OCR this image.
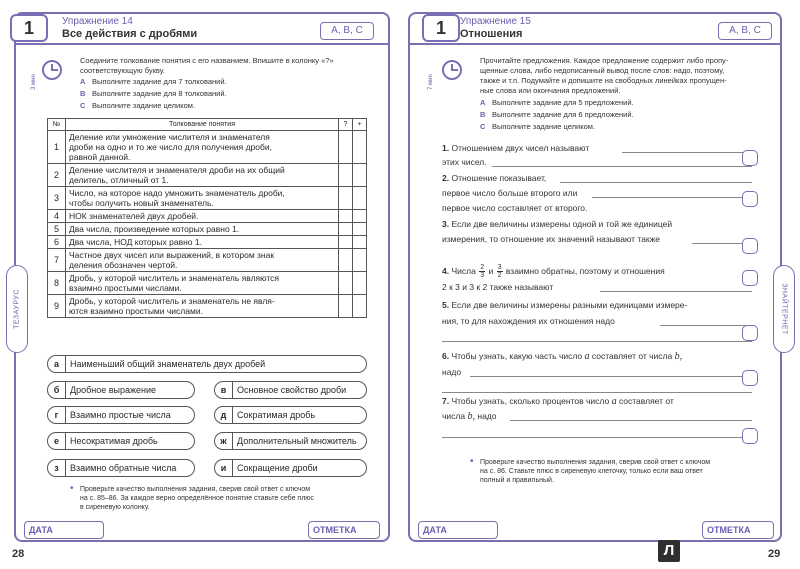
1	Упражнение 14
Все действия с дробями	А, В, С
3 мин
Соедините толкование понятия с его названием. Впишите в колонку «?»
соответствующую букву.
A Выполните задание для 7 толкований.
B Выполните задание для 8 толкований.
C Выполните задание целиком.
№	Толкование понятия	?	+
1	Деление или умножение числителя и знаменателя
дроби на одно и то же число для получения дроби,
равной данной.		

2	Деление числителя и знаменателя дроби на их общий
делитель, отличный от 1.		

3	Число, на которое надо умножить знаменатель дроби,
чтобы получить новый знаменатель.		

4	НОК знаменателей двух дробей.		

5	Два числа, произведение которых равно 1.		

6	Два числа, НОД которых равно 1.		

7	Частное двух чисел или выражений, в котором знак
деления обозначен чертой.		

8	Дробь, у которой числитель и знаменатель являются
взаимно простыми числами.		

9	Дробь, у которой числитель и знаменатель не явля-
ются взаимно простыми числами.		

а Наименьший общий знаменатель двух дробей
б Дробное выражение	в Основное свойство дроби
г Взаимно простые числа	д Сократимая дробь
е Несократимая дробь	ж Дополнительный множитель
з Взаимно обратные числа	и Сокращение дроби
• Проверьте качество выполнения задания, сверив свой ответ с ключом
на с. 85–86. За каждое верно определённое понятие ставьте себе плюс
в сиреневую колонку.
ДАТА	ОТМЕТКА
ТЕЗАУРУС
28
1	Упражнение 15
Отношения	А, В, С
7 мин
Прочитайте предложения. Каждое предложение содержит либо пропу-
щенные слова, либо недописанный вывод после слов: надо, поэтому,
также и т.п. Подумайте и допишите на свободных линейках пропущен-
ные слова или окончания предложений.
A Выполните задание для 5 предложений.
B Выполните задание для 6 предложений.
C Выполните задание целиком.
1. Отношением двух чисел называют
этих чисел.
2. Отношение показывает,
первое число больше второго или
первое число составляет от второго.
3. Если две величины измерены одной и той же единицей
измерения, то отношение их значений называют также
4. Числа $\frac{2}{3}$ и $\frac{3}{2}$ взаимно обратны, поэтому и отношения
2 к 3 и 3 к 2 также называют
5. Если две величины измерены разными единицами измере-
ния, то для нахождения их отношения надо
6. Чтобы узнать, какую часть число a составляет от числа b,
надо
7. Чтобы узнать, сколько процентов число a составляет от
числа b, надо
• Проверьте качество выполнения задания, сверив свой ответ с ключом
на с. 86. Ставьте плюс в сиреневую клеточку, только если ваш ответ
полный и правильный.
ДАТА	ОТМЕТКА
ЗНАЙТЕРНЕТ
Л	29
